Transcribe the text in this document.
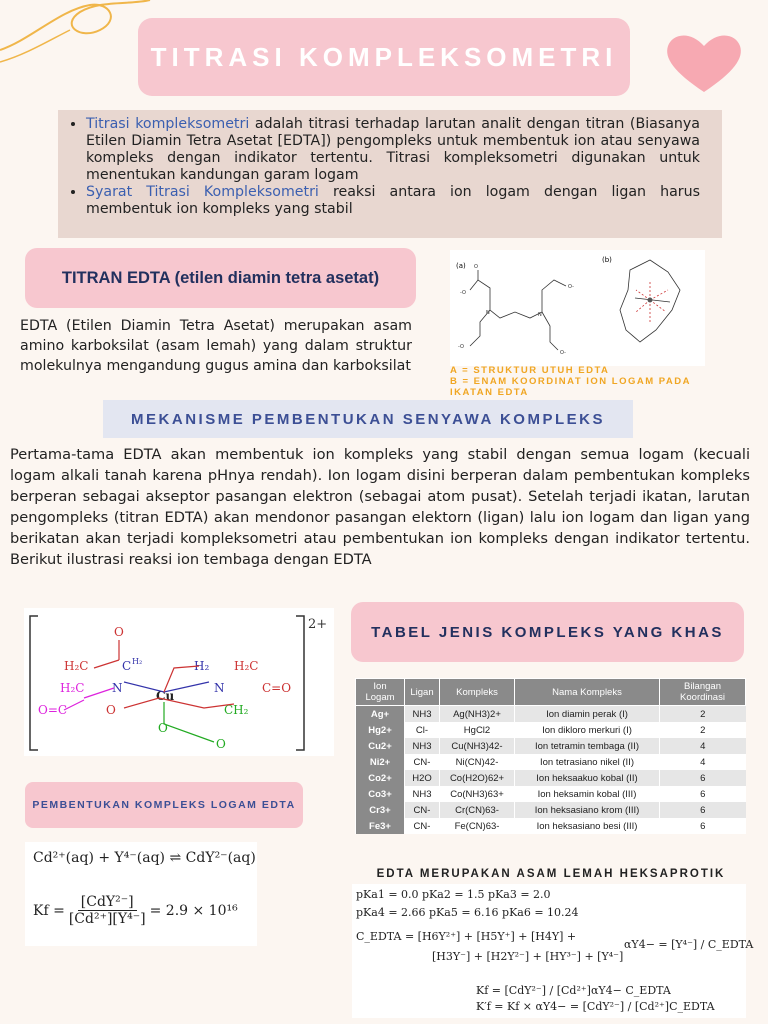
TITRASI KOMPLEKSOMETRI
• Titrasi kompleksometri adalah titrasi terhadap larutan analit dengan titran (Biasanya Etilen Diamin Tetra Asetat [EDTA]) pengompleks untuk membentuk ion atau senyawa kompleks dengan indikator tertentu. Titrasi kompleksometri digunakan untuk menentukan kandungan garam logam
• Syarat Titrasi Kompleksometri reaksi antara ion logam dengan ligan harus membentuk ion kompleks yang stabil
TITRAN EDTA (etilen diamin tetra asetat)
EDTA (Etilen Diamin Tetra Asetat) merupakan asam amino karboksilat (asam lemah) yang dalam struktur molekulnya mengandung gugus amina dan karboksilat
(a)
(b)
-O
O
O-
N	N
-O
O-
A = STRUKTUR UTUH EDTA
B = ENAM KOORDINAT ION LOGAM PADA IKATAN EDTA
MEKANISME PEMBENTUKAN SENYAWA KOMPLEKS
Pertama-tama EDTA akan membentuk ion kompleks yang stabil dengan semua logam (kecuali logam alkali tanah karena pHnya rendah). Ion logam disini berperan dalam pembentukan kompleks berperan sebagai akseptor pasangan elektron (sebagai atom pusat). Setelah terjadi ikatan, larutan pengompleks (titran EDTA) akan mendonor pasangan elektorn (ligan) lalu ion logam dan ligan yang berikatan akan terjadi kompleksometri atau pembentukan ion kompleks dengan indikator tertentu. Berikut ilustrasi reaksi ion tembaga dengan EDTA
2+
O
H₂C	C H₂	H₂ H₂C
H₂C N
Cu
N	C=O
O=C	O	CH₂
O
O
TABEL JENIS KOMPLEKS YANG KHAS
Ion Logam	Ligan	Kompleks	Nama Kompleks	Bilangan Koordinasi
Ag+	NH3	Ag(NH3)2+	Ion diamin perak (I)	2
Hg2+	Cl-	HgCl2	Ion dikloro merkuri (I)	2
Cu2+	NH3	Cu(NH3)42-	Ion tetramin tembaga (II)	4
Ni2+	CN-	Ni(CN)42-	Ion tetrasiano nikel (II)	4
Co2+	H2O	Co(H2O)62+	Ion heksaakuo kobal (II)	6
Co3+	NH3	Co(NH3)63+	Ion heksamin kobal (III)	6
Cr3+	CN-	Cr(CN)63-	Ion heksasiano krom (III)	6
Fe3+	CN-	Fe(CN)63-	Ion heksasiano besi (III)	6
PEMBENTUKAN KOMPLEKS LOGAM EDTA
Cd²⁺(aq) + Y⁴⁻(aq) ⇌ CdY²⁻(aq)
Kf =
[CdY²⁻]
[Cd²⁺][Y⁴⁻]
= 2.9 × 10¹⁶
EDTA MERUPAKAN ASAM LEMAH HEKSAPROTIK
pKa1 = 0.0 pKa2 = 1.5 pKa3 = 2.0
pKa4 = 2.66 pKa5 = 6.16 pKa6 = 10.24
C_EDTA = [H6Y²⁺] + [H5Y⁺] + [H4Y] +
[H3Y⁻] + [H2Y²⁻] + [HY³⁻] + [Y⁴⁻]
αY4− = [Y⁴⁻] / C_EDTA
Kf = [CdY²⁻] / [Cd²⁺]αY4− C_EDTA
K′f = Kf × αY4− = [CdY²⁻] / [Cd²⁺]C_EDTA
